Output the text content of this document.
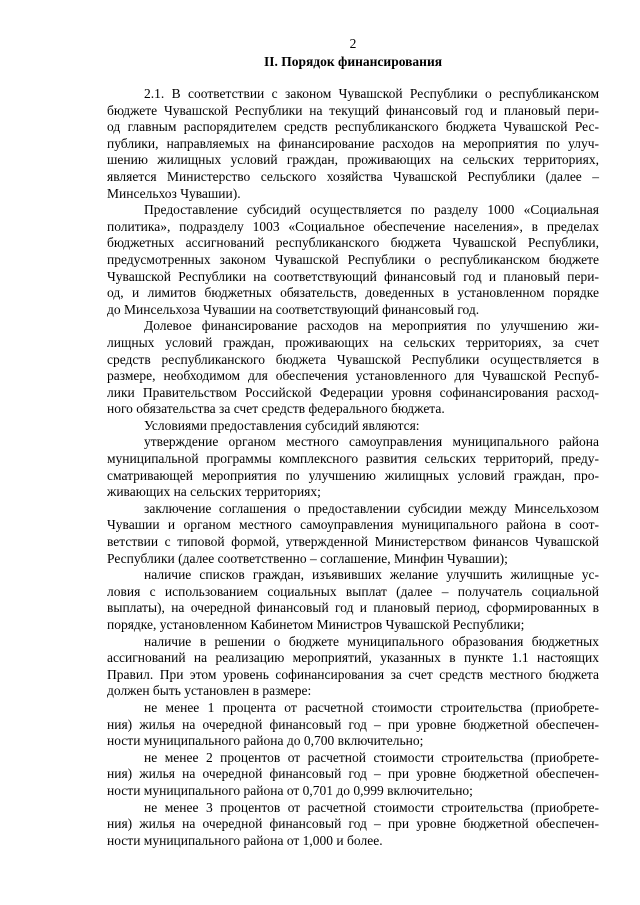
2
II. Порядок финансирования

2.1. В соответствии с законом Чувашской Республики о республиканском
бюджете Чувашской Республики на текущий финансовый год и плановый пери-
од главным распорядителем средств республиканского бюджета Чувашской Рес-
публики, направляемых на финансирование расходов на мероприятия по улуч-
шению жилищных условий граждан, проживающих на сельских территориях,
является Министерство сельского хозяйства Чувашской Республики (далее –
Минсельхоз Чувашии).

Предоставление субсидий осуществляется по разделу 1000 «Социальная
политика», подразделу 1003 «Социальное обеспечение населения», в пределах
бюджетных ассигнований республиканского бюджета Чувашской Республики,
предусмотренных законом Чувашской Республики о республиканском бюджете
Чувашской Республики на соответствующий финансовый год и плановый пери-
од, и лимитов бюджетных обязательств, доведенных в установленном порядке
до Минсельхоза Чувашии на соответствующий финансовый год.

Долевое финансирование расходов на мероприятия по улучшению жи-
лищных условий граждан, проживающих на сельских территориях, за счет
средств республиканского бюджета Чувашской Республики осуществляется в
размере, необходимом для обеспечения установленного для Чувашской Респуб-
лики Правительством Российской Федерации уровня софинансирования расход-
ного обязательства за счет средств федерального бюджета.

Условиями предоставления субсидий являются:

утверждение органом местного самоуправления муниципального района
муниципальной программы комплексного развития сельских территорий, преду-
сматривающей мероприятия по улучшению жилищных условий граждан, про-
живающих на сельских территориях;

заключение соглашения о предоставлении субсидии между Минсельхозом
Чувашии и органом местного самоуправления муниципального района в соот-
ветствии с типовой формой, утвержденной Министерством финансов Чувашской
Республики (далее соответственно – соглашение, Минфин Чувашии);

наличие списков граждан, изъявивших желание улучшить жилищные ус-
ловия с использованием социальных выплат (далее – получатель социальной
выплаты), на очередной финансовый год и плановый период, сформированных в
порядке, установленном Кабинетом Министров Чувашской Республики;

наличие в решении о бюджете муниципального образования бюджетных
ассигнований на реализацию мероприятий, указанных в пункте 1.1 настоящих
Правил. При этом уровень софинансирования за счет средств местного бюджета
должен быть установлен в размере:

не менее 1 процента от расчетной стоимости строительства (приобрете-
ния) жилья на очередной финансовый год – при уровне бюджетной обеспечен-
ности муниципального района до 0,700 включительно;

не менее 2 процентов от расчетной стоимости строительства (приобрете-
ния) жилья на очередной финансовый год – при уровне бюджетной обеспечен-
ности муниципального района от 0,701 до 0,999 включительно;

не менее 3 процентов от расчетной стоимости строительства (приобрете-
ния) жилья на очередной финансовый год – при уровне бюджетной обеспечен-
ности муниципального района от 1,000 и более.
